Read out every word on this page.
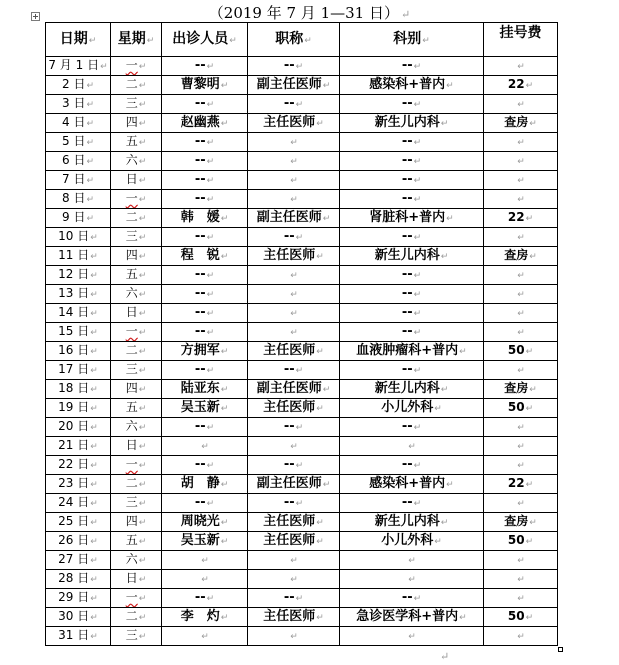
（2019 年 7 月 1—31 日） ↵
日期↵	星期↵	出诊人员↵	职称↵	科别↵	挂号费
7 月 1 日↵	一↵	--↵	--↵	--↵	↵
2 日↵	二↵	曹黎明↵	副主任医师↵	感染科+普内↵	22↵
3 日↵	三↵	--↵	--↵	--↵	↵
4 日↵	四↵	赵幽燕↵	主任医师↵	新生儿内科↵	查房↵
5 日↵	五↵	--↵	↵	--↵	↵
6 日↵	六↵	--↵	↵	--↵	↵
7 日↵	日↵	--↵	↵	--↵	↵
8 日↵	一↵	--↵	↵	--↵	↵
9 日↵	二↵	韩　媛↵	副主任医师↵	肾脏科+普内↵	22↵
10 日↵	三↵	--↵	--↵	--↵	↵
11 日↵	四↵	程　锐↵	主任医师↵	新生儿内科↵	查房↵
12 日↵	五↵	--↵	↵	--↵	↵
13 日↵	六↵	--↵	↵	--↵	↵
14 日↵	日↵	--↵	↵	--↵	↵
15 日↵	一↵	--↵	↵	--↵	↵
16 日↵	二↵	方拥军↵	主任医师↵	血液肿瘤科+普内↵	50↵
17 日↵	三↵	--↵	--↵	--↵	↵
18 日↵	四↵	陆亚东↵	副主任医师↵	新生儿内科↵	查房↵
19 日↵	五↵	吴玉新↵	主任医师↵	小儿外科↵	50↵
20 日↵	六↵	--↵	--↵	--↵	↵
21 日↵	日↵	↵	↵	↵	↵
22 日↵	一↵	--↵	--↵	--↵	↵
23 日↵	二↵	胡　静↵	副主任医师↵	感染科+普内↵	22↵
24 日↵	三↵	--↵	--↵	--↵	↵
25 日↵	四↵	周晓光↵	主任医师↵	新生儿内科↵	查房↵
26 日↵	五↵	吴玉新↵	主任医师↵	小儿外科↵	50↵
27 日↵	六↵	↵	↵	↵	↵
28 日↵	日↵	↵	↵	↵	↵
29 日↵	一↵	--↵	--↵	--↵	↵
30 日↵	二↵	李　灼↵	主任医师↵	急诊医学科+普内↵	50↵
31 日↵	三↵	↵	↵	↵	↵
↵
